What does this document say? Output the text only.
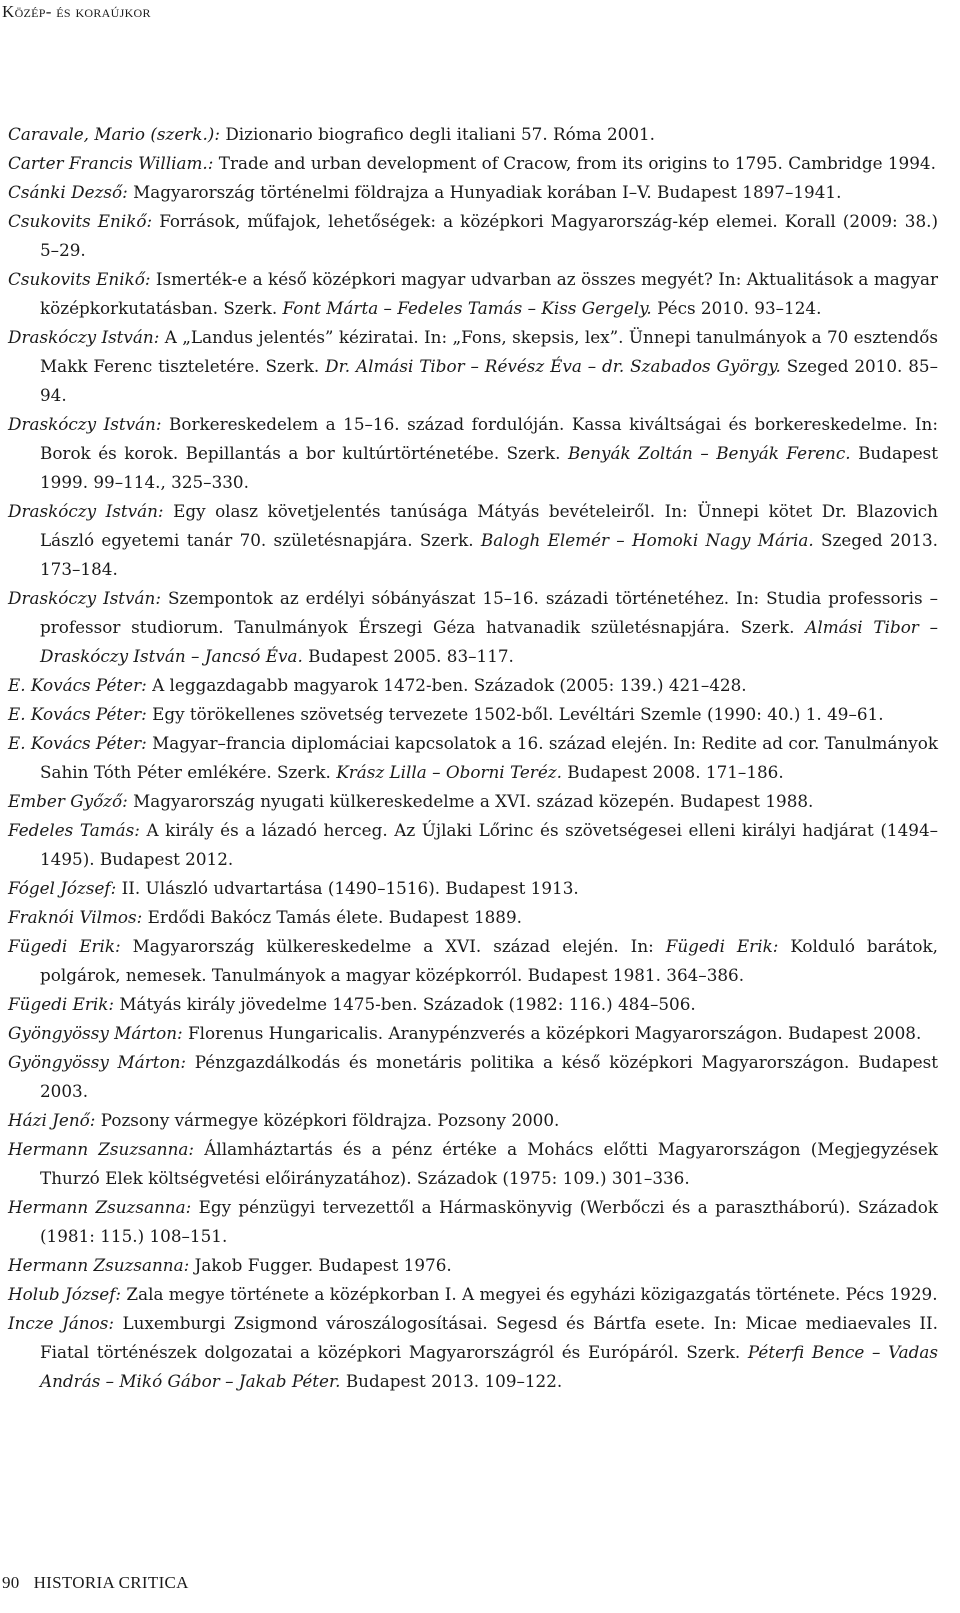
Közép- és koraújkor

Caravale, Mario (szerk.): Dizionario biografico degli italiani 57. Róma 2001.

Carter Francis William.: Trade and urban development of Cracow, from its origins to 1795. Cambridge 1994.

Csánki Dezső: Magyarország történelmi földrajza a Hunyadiak korában I–V. Budapest 1897–1941.

Csukovits Enikő: Források, műfajok, lehetőségek: a középkori Magyarország-kép elemei. Korall (2009: 38.) 5–29.

Csukovits Enikő: Ismerték-e a késő középkori magyar udvarban az összes megyét? In: Aktualitások a magyar középkorkutatásban. Szerk. Font Márta – Fedeles Tamás – Kiss Gergely. Pécs 2010. 93–124.

Draskóczy István: A „Landus jelentés” kéziratai. In: „Fons, skepsis, lex”. Ünnepi tanulmányok a 70 esztendős Makk Ferenc tiszteletére. Szerk. Dr. Almási Tibor – Révész Éva – dr. Szabados György. Szeged 2010. 85–94.

Draskóczy István: Borkereskedelem a 15–16. század fordulóján. Kassa kiváltságai és borkereskedelme. In: Borok és korok. Bepillantás a bor kultúrtörténetébe. Szerk. Benyák Zoltán – Benyák Ferenc. Budapest 1999. 99–114., 325–330.

Draskóczy István: Egy olasz követjelentés tanúsága Mátyás bevételeiről. In: Ünnepi kötet Dr. Blazovich László egyetemi tanár 70. születésnapjára. Szerk. Balogh Elemér – Homoki Nagy Mária. Szeged 2013. 173–184.

Draskóczy István: Szempontok az erdélyi sóbányászat 15–16. századi történetéhez. In: Studia professoris – professor studiorum. Tanulmányok Érszegi Géza hatvanadik születésnapjára. Szerk. Almási Tibor – Draskóczy István – Jancsó Éva. Budapest 2005. 83–117.

E. Kovács Péter: A leggazdagabb magyarok 1472-ben. Századok (2005: 139.) 421–428.

E. Kovács Péter: Egy törökellenes szövetség tervezete 1502-ből. Levéltári Szemle (1990: 40.) 1. 49–61.

E. Kovács Péter: Magyar–francia diplomáciai kapcsolatok a 16. század elején. In: Redite ad cor. Tanulmányok Sahin Tóth Péter emlékére. Szerk. Krász Lilla – Oborni Teréz. Budapest 2008. 171–186.

Ember Győző: Magyarország nyugati külkereskedelme a XVI. század közepén. Budapest 1988.

Fedeles Tamás: A király és a lázadó herceg. Az Újlaki Lőrinc és szövetségesei elleni királyi hadjárat (1494–1495). Budapest 2012.

Fógel József: II. Ulászló udvartartása (1490–1516). Budapest 1913.

Fraknói Vilmos: Erdődi Bakócz Tamás élete. Budapest 1889.

Fügedi Erik: Magyarország külkereskedelme a XVI. század elején. In: Fügedi Erik: Kolduló barátok, polgárok, nemesek. Tanulmányok a magyar középkorról. Budapest 1981. 364–386.

Fügedi Erik: Mátyás király jövedelme 1475-ben. Századok (1982: 116.) 484–506.

Gyöngyössy Márton: Florenus Hungaricalis. Aranypénzverés a középkori Magyarországon. Budapest 2008.

Gyöngyössy Márton: Pénzgazdálkodás és monetáris politika a késő középkori Magyarországon. Budapest 2003.

Házi Jenő: Pozsony vármegye középkori földrajza. Pozsony 2000.

Hermann Zsuzsanna: Államháztartás és a pénz értéke a Mohács előtti Magyarországon (Megjegyzések Thurzó Elek költségvetési előirányzatához). Századok (1975: 109.) 301–336.

Hermann Zsuzsanna: Egy pénzügyi tervezettől a Hármaskönyvig (Werbőczi és a parasztháború). Századok (1981: 115.) 108–151.

Hermann Zsuzsanna: Jakob Fugger. Budapest 1976.

Holub József: Zala megye története a középkorban I. A megyei és egyházi közigazgatás története. Pécs 1929.

Incze János: Luxemburgi Zsigmond városzálogosításai. Segesd és Bártfa esete. In: Micae mediaevales II. Fiatal történészek dolgozatai a középkori Magyarországról és Európáról. Szerk. Péterfi Bence – Vadas András – Mikó Gábor – Jakab Péter. Budapest 2013. 109–122.

90 HISTORIA CRITICA
